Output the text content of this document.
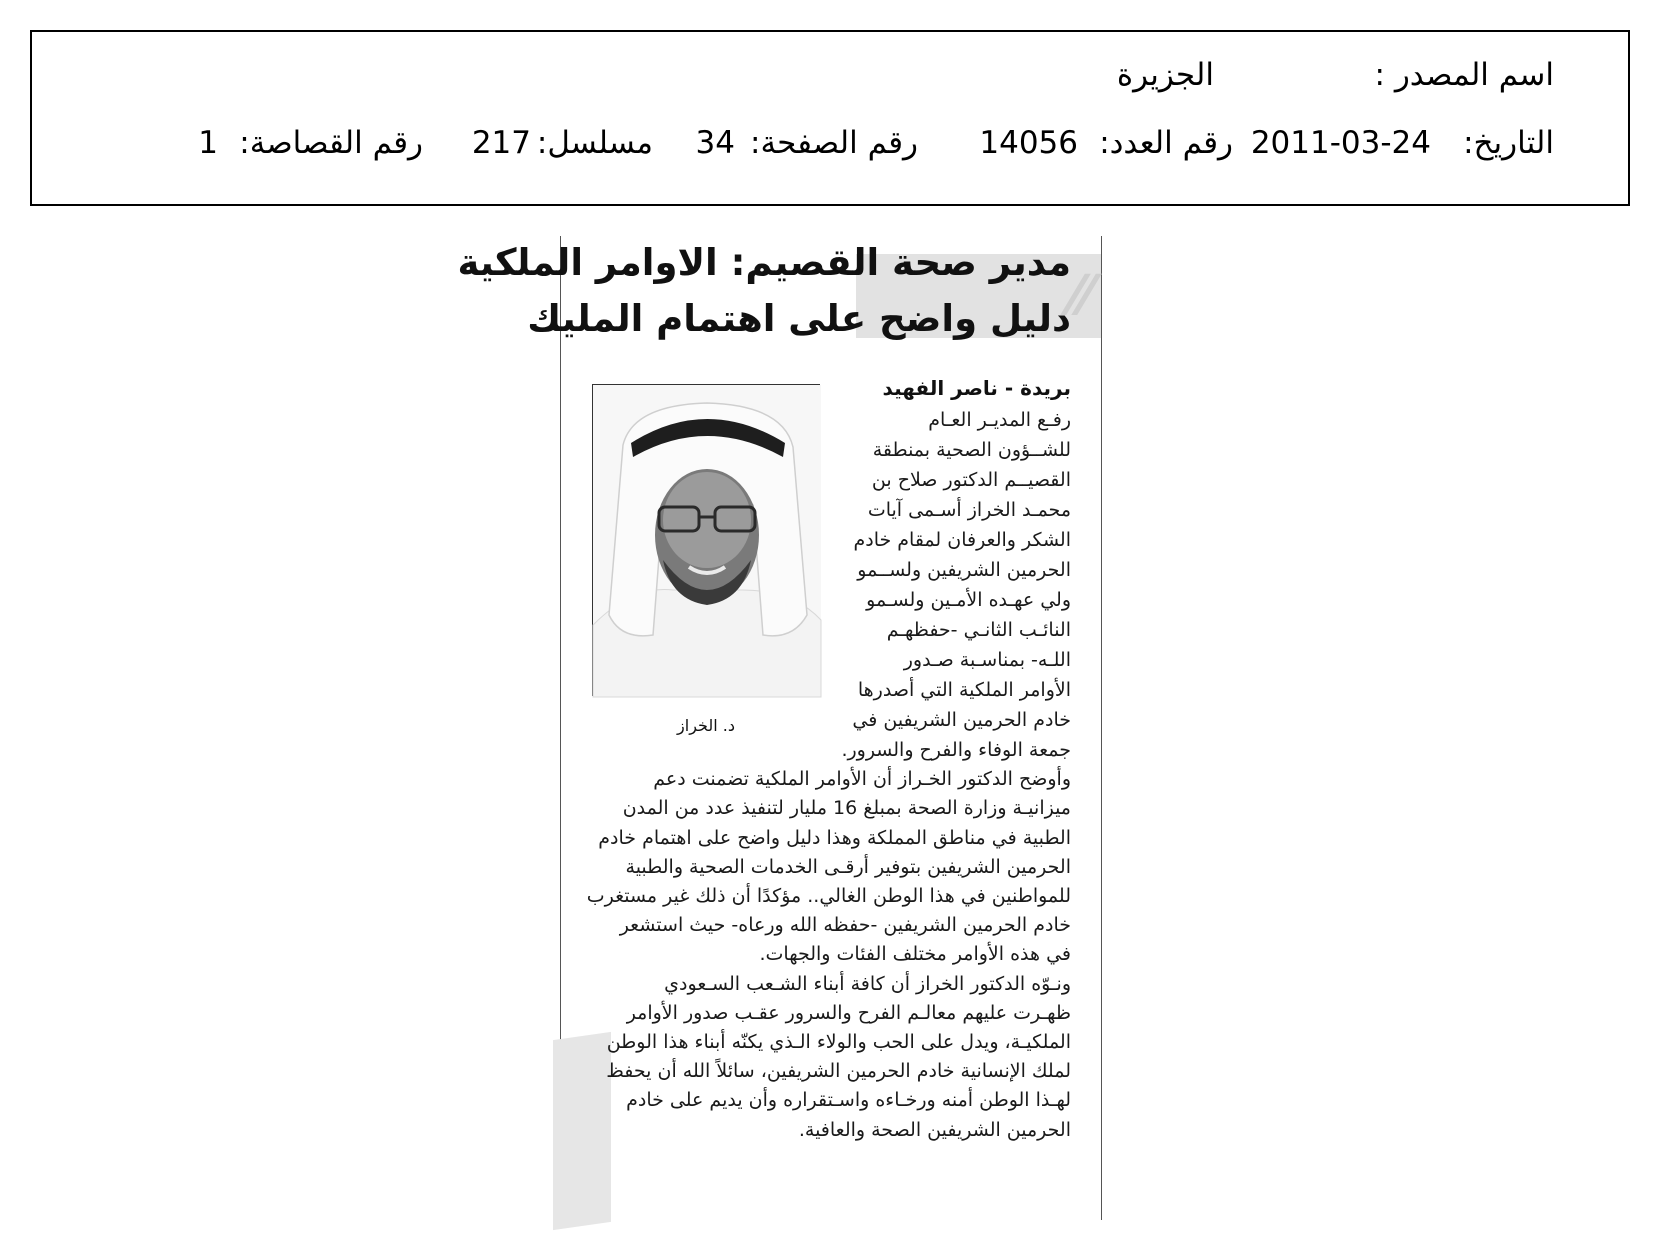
اسم المصدر :
الجزيرة
التاريخ:
2011-03-24
رقم العدد:
14056
رقم الصفحة:
34
مسلسل:
217
رقم القصاصة:
1
⁄⁄
مدير صحة القصيم: الاوامر الملكية
دليل واضح على اهتمام المليك
بريدة - ناصر الفهيد
د. الخراز
رفـع المديـر العـام
للشــؤون الصحية بمنطقة
القصيــم الدكتور صلاح بن
محمـد الخراز أسـمى آيات
الشكر والعرفان لمقام خادم
الحرمين الشريفين ولســمو
ولي عهـده الأمـين ولسـمو
النائـب الثانـي -حفظهـم
اللـه- بمناسـبة صـدور
الأوامر الملكية التي أصدرها
خادم الحرمين الشريفين في
جمعة الوفاء والفرح والسرور.
وأوضح الدكتور الخـراز أن الأوامر الملكية تضمنت دعم
ميزانيـة وزارة الصحة بمبلغ 16 مليار لتنفيذ عدد من المدن
الطبية في مناطق المملكة وهذا دليل واضح على اهتمام خادم
الحرمين الشريفين بتوفير أرقـى الخدمات الصحية والطبية
للمواطنين في هذا الوطن الغالي.. مؤكدًا أن ذلك غير مستغرب
خادم الحرمين الشريفين -حفظه الله ورعاه- حيث استشعر
في هذه الأوامر مختلف الفئات والجهات.
ونـوّه الدكتور الخراز أن كافة أبناء الشـعب السـعودي
ظهـرت عليهم معالـم الفرح والسرور عقـب صدور الأوامر
الملكيـة، ويدل على الحب والولاء الـذي يكنّه أبناء هذا الوطن
لملك الإنسانية خادم الحرمين الشريفين، سائلاً الله أن يحفظ
لهـذا الوطن أمنه ورخـاءه واسـتقراره وأن يديم على خادم
الحرمين الشريفين الصحة والعافية.
